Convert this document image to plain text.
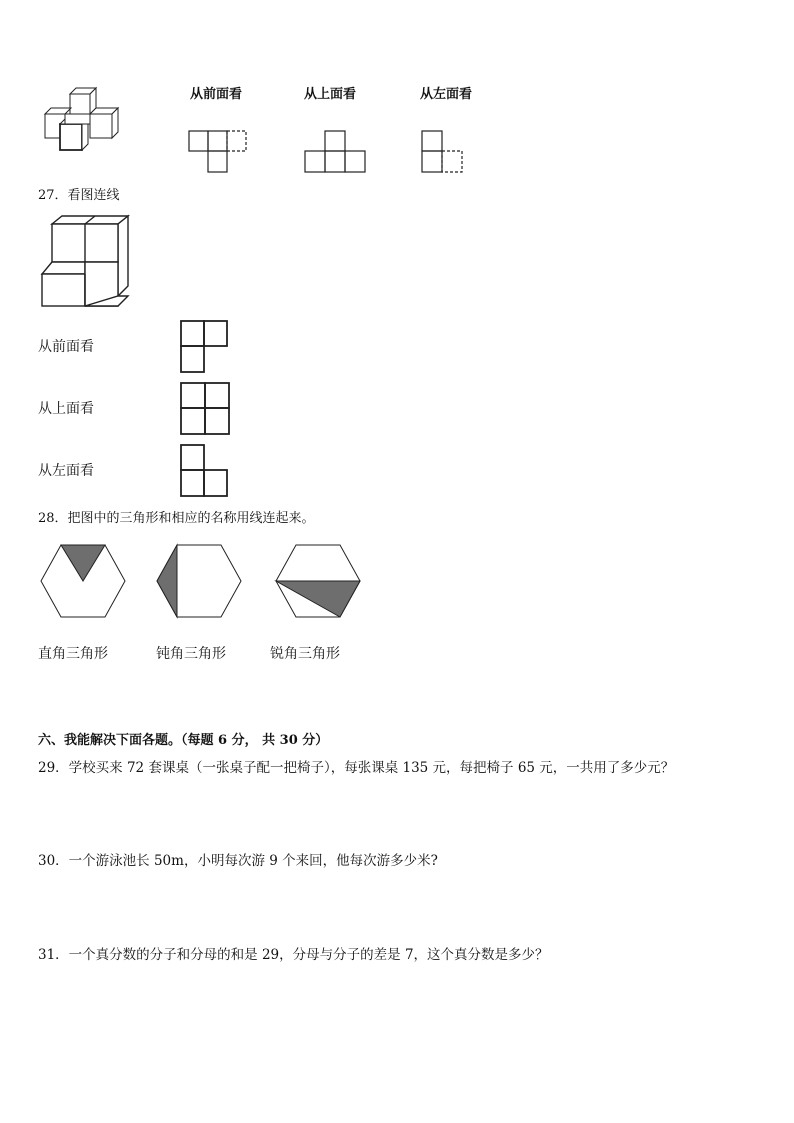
从前面看	从上面看	从左面看
27．看图连线
从前面看
从上面看
从左面看
28．把图中的三角形和相应的名称用线连起来。
直角三角形	钝角三角形	锐角三角形
六、我能解决下面各题。（每题 6 分， 共 30 分）
29．学校买来 72 套课桌（一张桌子配一把椅子），每张课桌 135 元，每把椅子 65 元，一共用了多少元？
30．一个游泳池长 50m，小明每次游 9 个来回，他每次游多少米?
31．一个真分数的分子和分母的和是 29，分母与分子的差是 7，这个真分数是多少？
